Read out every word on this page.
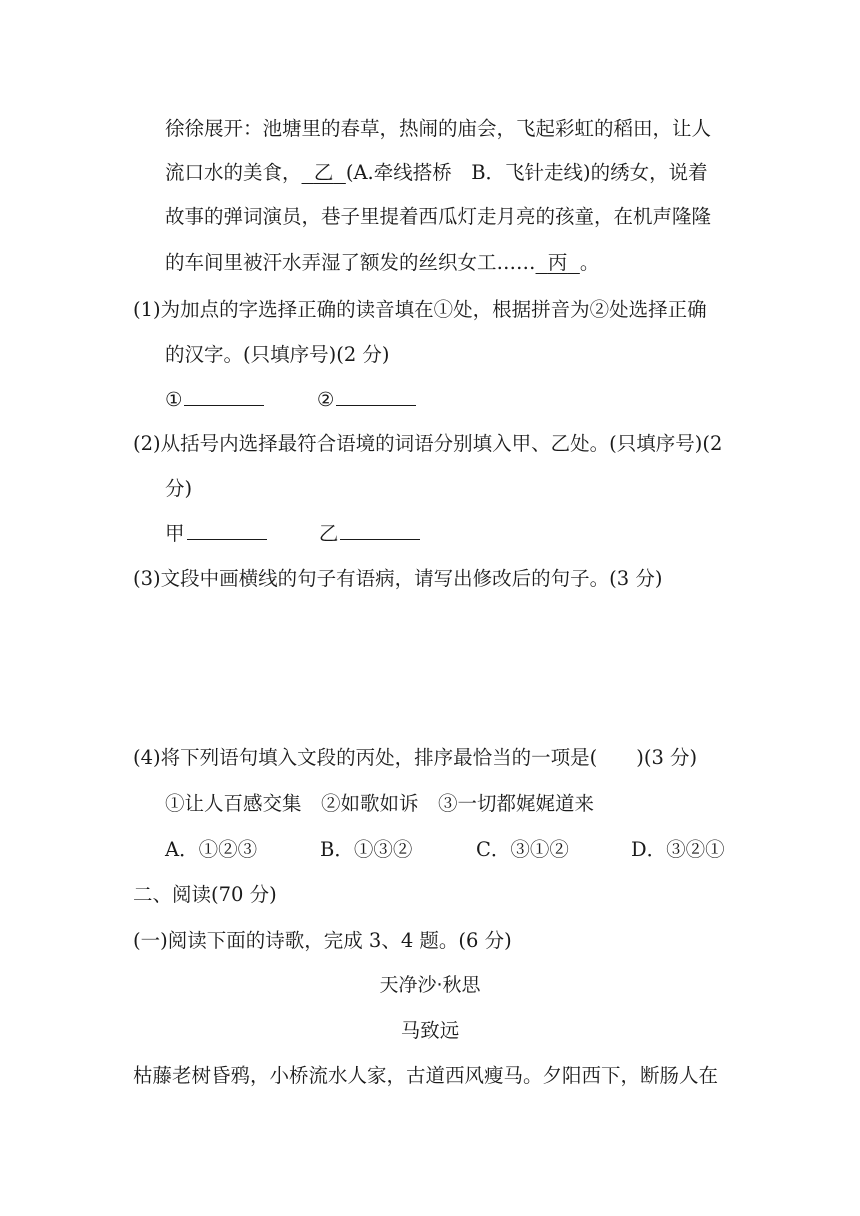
徐徐展开：池塘里的春草，热闹的庙会，飞起彩虹的稻田，让人
流口水的美食， 乙 (A.牵线搭桥　B．飞针走线)的绣女，说着
故事的弹词演员，巷子里提着西瓜灯走月亮的孩童，在机声隆隆
的车间里被汗水弄湿了额发的丝织女工…… 丙 。
(1)为加点的字选择正确的读音填在①处，根据拼音为②处选择正确
的汉字。(只填序号)(2 分)
①	②
(2)从括号内选择最符合语境的词语分别填入甲、乙处。(只填序号)(2
分)
甲	乙
(3)文段中画横线的句子有语病，请写出修改后的句子。(3 分)
(4)将下列语句填入文段的丙处，排序最恰当的一项是(　　)(3 分)
①让人百感交集　②如歌如诉　③一切都娓娓道来
A．①②③	B．①③②	C．③①②	D．③②①
二、阅读(70 分)
(一)阅读下面的诗歌，完成 3、4 题。(6 分)
天净沙·秋思
马致远
枯藤老树昏鸦，小桥流水人家，古道西风瘦马。夕阳西下，断肠人在
